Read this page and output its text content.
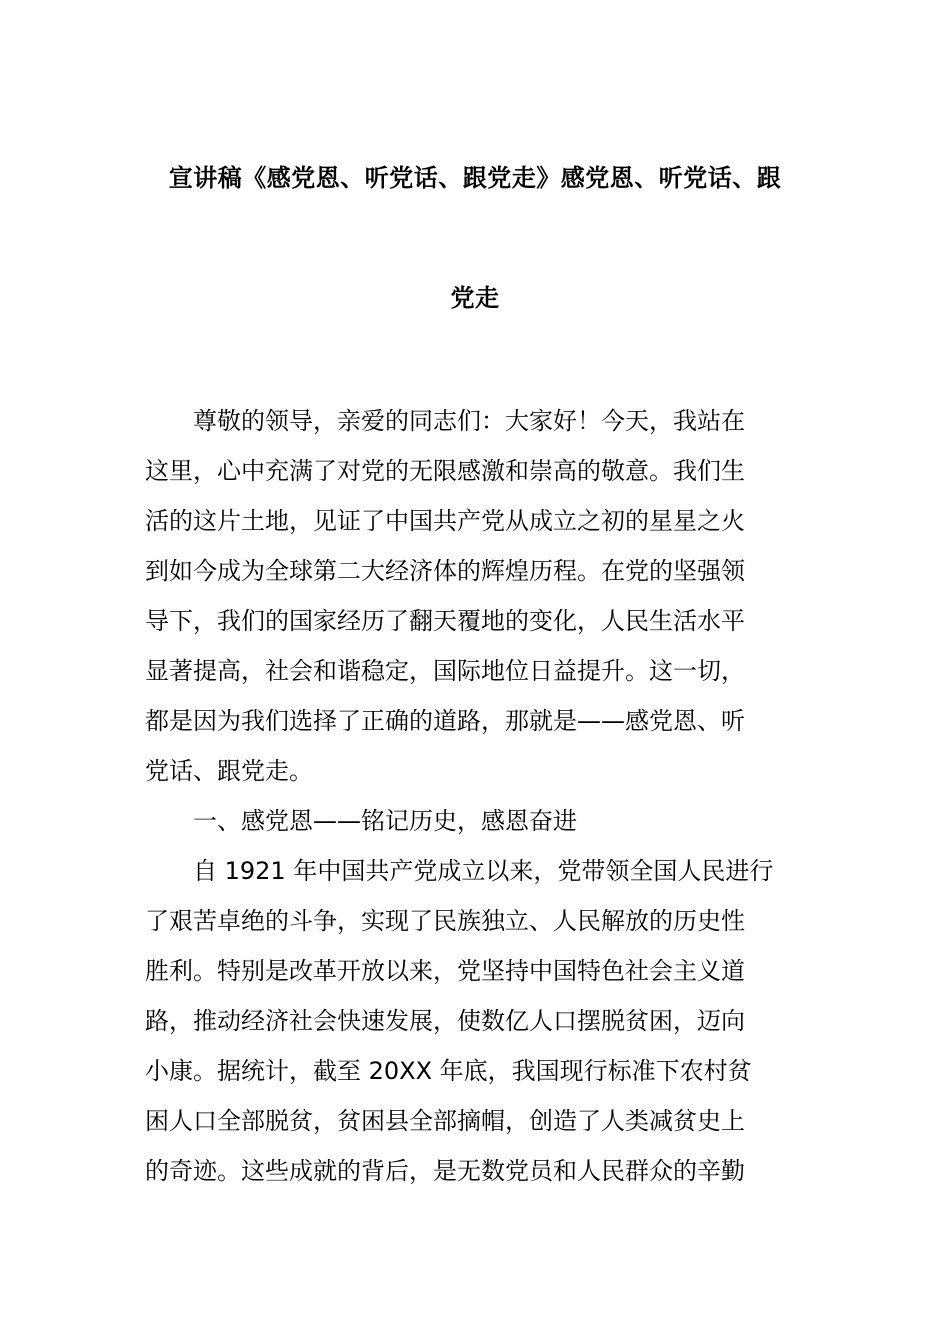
宣讲稿《感党恩、听党话、跟党走》感党恩、听党话、跟
党走
尊敬的领导，亲爱的同志们：大家好！今天，我站在
这里，心中充满了对党的无限感激和崇高的敬意。我们生
活的这片土地，见证了中国共产党从成立之初的星星之火
到如今成为全球第二大经济体的辉煌历程。在党的坚强领
导下，我们的国家经历了翻天覆地的变化，人民生活水平
显著提高，社会和谐稳定，国际地位日益提升。这一切，
都是因为我们选择了正确的道路，那就是——感党恩、听
党话、跟党走。
一、感党恩——铭记历史，感恩奋进
自 1921 年中国共产党成立以来，党带领全国人民进行
了艰苦卓绝的斗争，实现了民族独立、人民解放的历史性
胜利。特别是改革开放以来，党坚持中国特色社会主义道
路，推动经济社会快速发展，使数亿人口摆脱贫困，迈向
小康。据统计，截至 20XX 年底，我国现行标准下农村贫
困人口全部脱贫，贫困县全部摘帽，创造了人类减贫史上
的奇迹。这些成就的背后，是无数党员和人民群众的辛勤
